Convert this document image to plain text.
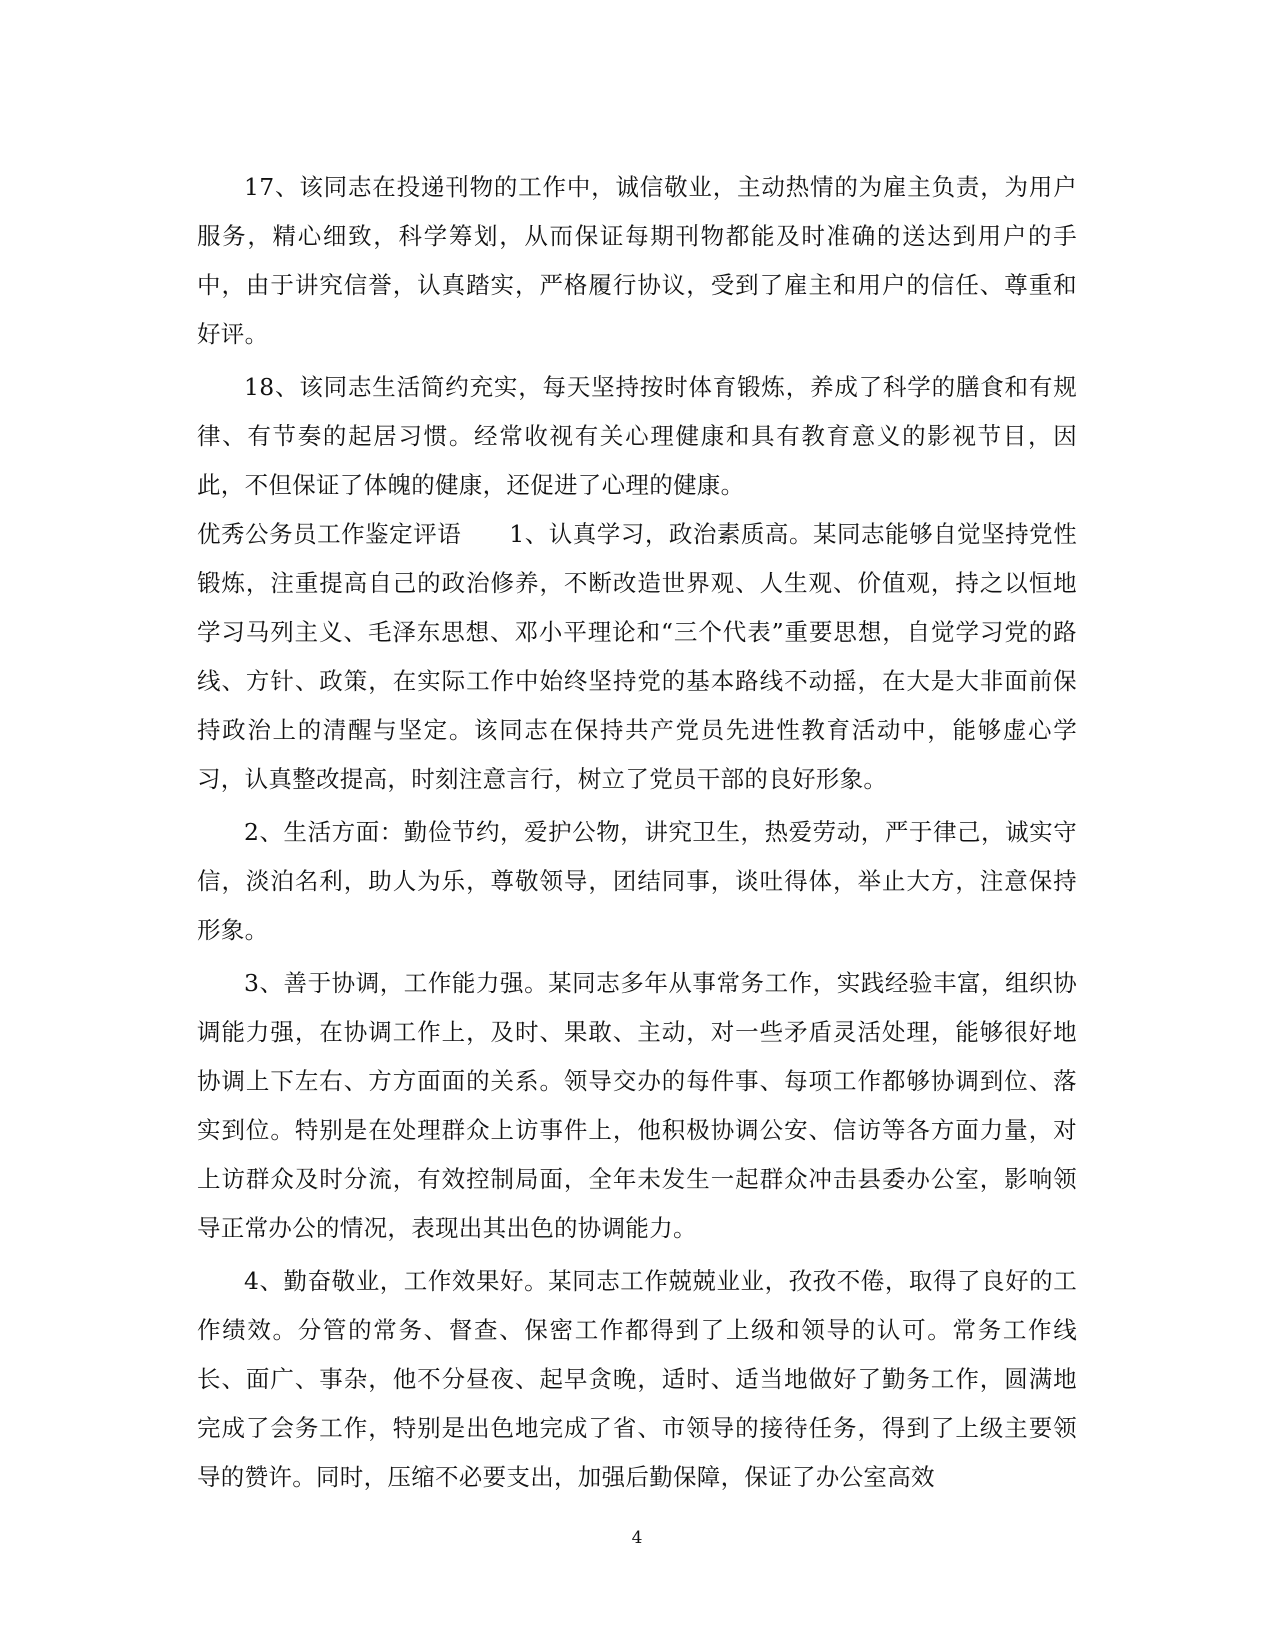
17、该同志在投递刊物的工作中，诚信敬业，主动热情的为雇主负责，为用户服务，精心细致，科学筹划，从而保证每期刊物都能及时准确的送达到用户的手中，由于讲究信誉，认真踏实，严格履行协议，受到了雇主和用户的信任、尊重和好评。

18、该同志生活简约充实，每天坚持按时体育锻炼，养成了科学的膳食和有规律、有节奏的起居习惯。经常收视有关心理健康和具有教育意义的影视节目，因此，不但保证了体魄的健康，还促进了心理的健康。

优秀公务员工作鉴定评语 1、认真学习，政治素质高。某同志能够自觉坚持党性锻炼，注重提高自己的政治修养，不断改造世界观、人生观、价值观，持之以恒地学习马列主义、毛泽东思想、邓小平理论和“三个代表”重要思想，自觉学习党的路线、方针、政策，在实际工作中始终坚持党的基本路线不动摇，在大是大非面前保持政治上的清醒与坚定。该同志在保持共产党员先进性教育活动中，能够虚心学习，认真整改提高，时刻注意言行，树立了党员干部的良好形象。

2、生活方面：勤俭节约，爱护公物，讲究卫生，热爱劳动，严于律己，诚实守信，淡泊名利，助人为乐，尊敬领导，团结同事，谈吐得体，举止大方，注意保持形象。

3、善于协调，工作能力强。某同志多年从事常务工作，实践经验丰富，组织协调能力强，在协调工作上，及时、果敢、主动，对一些矛盾灵活处理，能够很好地协调上下左右、方方面面的关系。领导交办的每件事、每项工作都够协调到位、落实到位。特别是在处理群众上访事件上，他积极协调公安、信访等各方面力量，对上访群众及时分流，有效控制局面，全年未发生一起群众冲击县委办公室，影响领导正常办公的情况，表现出其出色的协调能力。

4、勤奋敬业，工作效果好。某同志工作兢兢业业，孜孜不倦，取得了良好的工作绩效。分管的常务、督查、保密工作都得到了上级和领导的认可。常务工作线长、面广、事杂，他不分昼夜、起早贪晚，适时、适当地做好了勤务工作，圆满地完成了会务工作，特别是出色地完成了省、市领导的接待任务，得到了上级主要领导的赞许。同时，压缩不必要支出，加强后勤保障，保证了办公室高效

4
